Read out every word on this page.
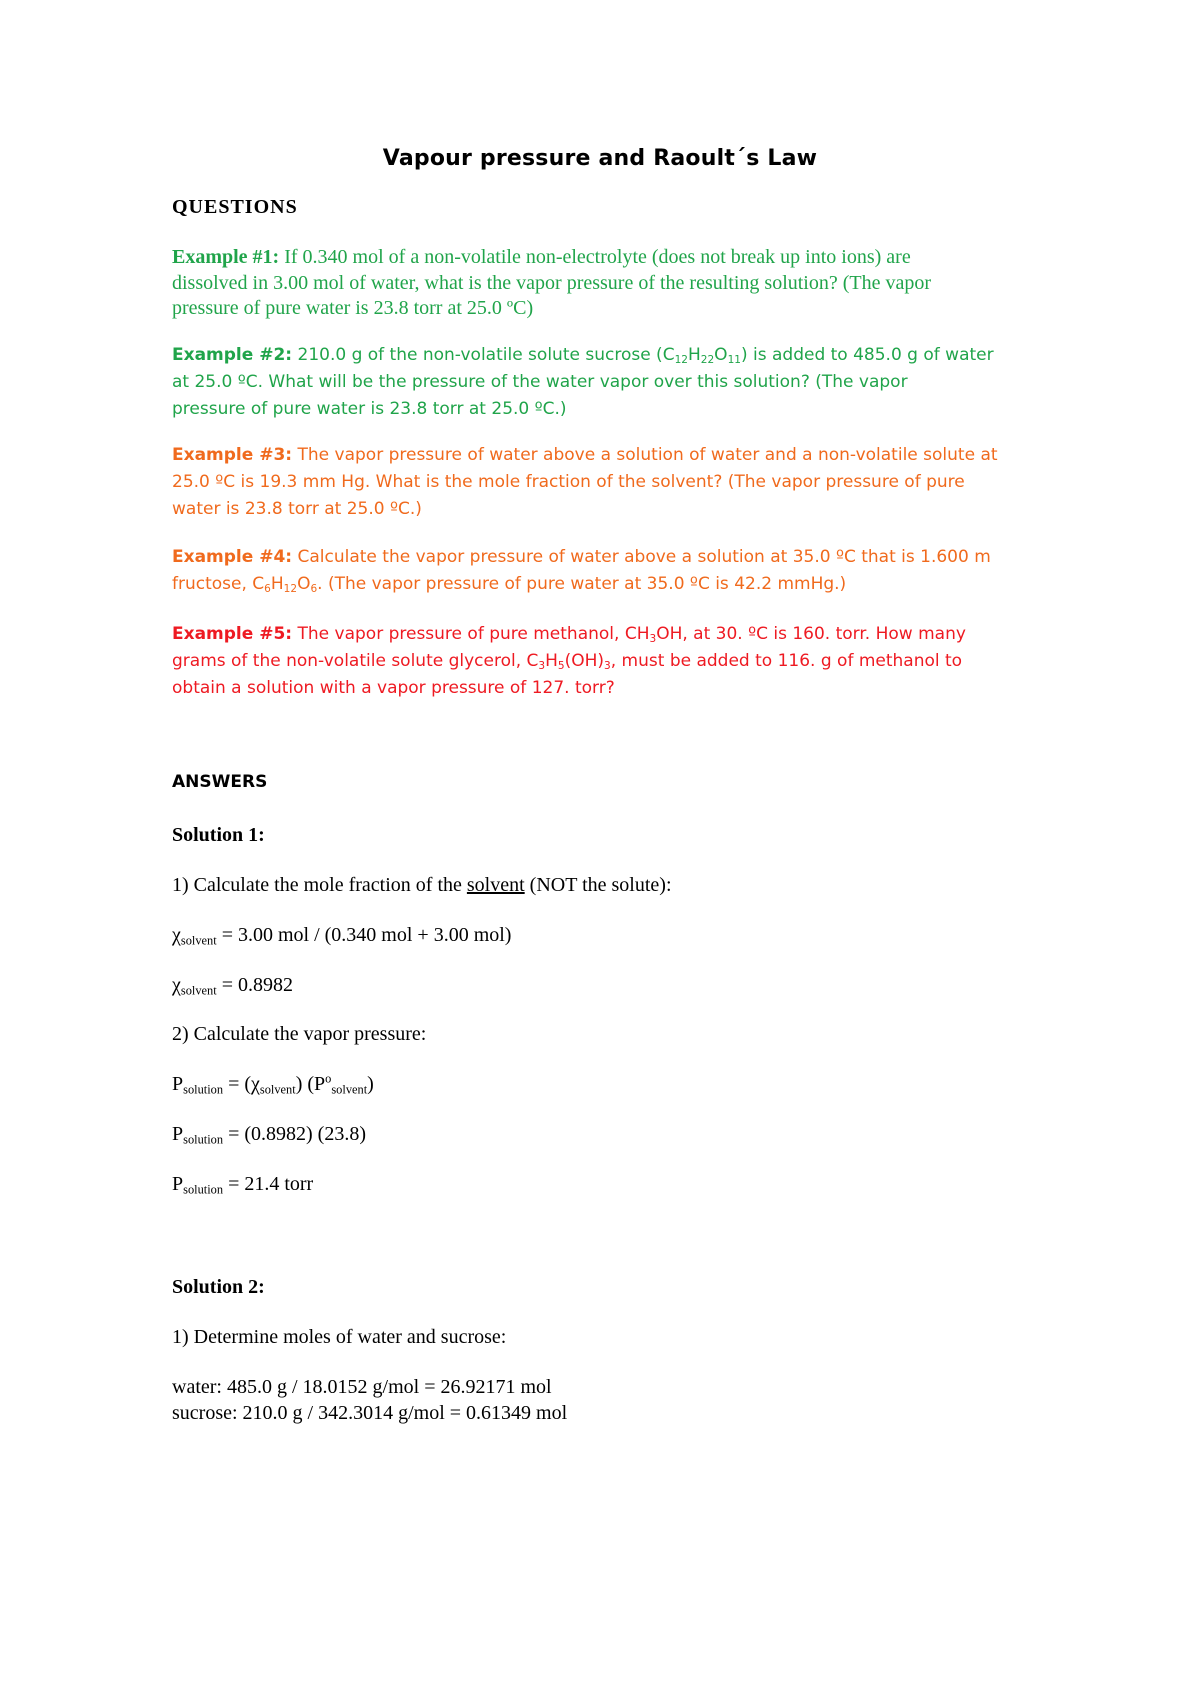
Vapour pressure and Raoult´s Law
QUESTIONS
Example #1: If 0.340 mol of a non-volatile non-electrolyte (does not break up into ions) are
dissolved in 3.00 mol of water, what is the vapor pressure of the resulting solution? (The vapor
pressure of pure water is 23.8 torr at 25.0 ºC)
Example #2: 210.0 g of the non-volatile solute sucrose $(C_{12}H_{22}O_{11})$ is added to 485.0 g of water
at 25.0 ºC. What will be the pressure of the water vapor over this solution? (The vapor
pressure of pure water is 23.8 torr at 25.0 ºC.)
Example #3: The vapor pressure of water above a solution of water and a non-volatile solute at
25.0 ºC is 19.3 mm Hg. What is the mole fraction of the solvent? (The vapor pressure of pure
water is 23.8 torr at 25.0 ºC.)
Example #4: Calculate the vapor pressure of water above a solution at 35.0 ºC that is 1.600 m
fructose, $C_6H_{12}O_6$. (The vapor pressure of pure water at 35.0 ºC is 42.2 mmHg.)
Example #5: The vapor pressure of pure methanol, $CH_3OH$, at 30. ºC is 160. torr. How many
grams of the non-volatile solute glycerol, $C_3H_5(OH)_3$, must be added to 116. g of methanol to
obtain a solution with a vapor pressure of 127. torr?
ANSWERS
Solution 1:
1) Calculate the mole fraction of the solvent (NOT the solute):
$\chi_{solvent} = 3.00$ mol / (0.340 mol + 3.00 mol)
$\chi_{solvent} = 0.8982$
2) Calculate the vapor pressure:
$P_{solution} = (\chi_{solvent})$ $(P^o_{solvent})$
$P_{solution} = (0.8982)$ (23.8)
$P_{solution} = 21.4$ torr
Solution 2:
1) Determine moles of water and sucrose:
water: 485.0 g / 18.0152 g/mol = 26.92171 mol
sucrose: 210.0 g / 342.3014 g/mol = 0.61349 mol
